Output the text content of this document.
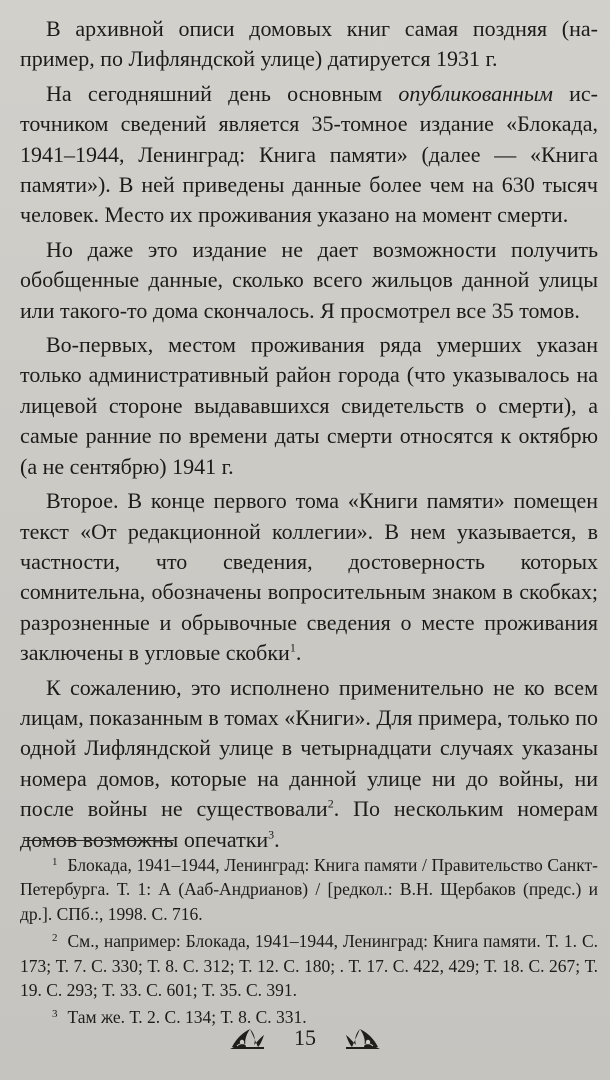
В архивной описи домовых книг самая поздняя (например, по Лифляндской улице) датируется 1931 г.

На сегодняшний день основным опубликованным источником сведений является 35-томное издание «Блокада, 1941–1944, Ленинград: Книга памяти» (далее — «Книга памяти»). В ней приведены данные более чем на 630 тысяч человек. Место их проживания указано на момент смерти.

Но даже это издание не дает возможности получить обобщенные данные, сколько всего жильцов данной улицы или такого-то дома скончалось. Я просмотрел все 35 томов.

Во-первых, местом проживания ряда умерших указан только административный район города (что указывалось на лицевой стороне выдававшихся свидетельств о смерти), а самые ранние по времени даты смерти относятся к октябрю (а не сентябрю) 1941 г.

Второе. В конце первого тома «Книги памяти» помещен текст «От редакционной коллегии». В нем указывается, в частности, что сведения, достоверность которых сомнительна, обозначены вопросительным знаком в скобках; разрозненные и обрывочные сведения о месте проживания заключены в угловые скобки$^1$.

К сожалению, это исполнено применительно не ко всем лицам, показанным в томах «Книги». Для примера, только по одной Лифляндской улице в четырнадцати случаях указаны номера домов, которые на данной улице ни до войны, ни после войны не существовали$^2$. По нескольким номерам домов возможны опечатки$^3$.

$^1$ Блокада, 1941–1944, Ленинград: Книга памяти / Правительство Санкт-Петербурга. Т. 1: А (Ааб-Андрианов) / [редкол.: В.Н. Щербаков (предс.) и др.]. СПб.:, 1998. С. 716.

$^2$ См., например: Блокада, 1941–1944, Ленинград: Книга памяти. Т. 1. С. 173; Т. 7. С. 330; Т. 8. С. 312; Т. 12. С. 180; . Т. 17. С. 422, 429; Т. 18. С. 267; Т. 19. С. 293; Т. 33. С. 601; Т. 35. С. 391.

$^3$ Там же. Т. 2. С. 134; Т. 8. С. 331.

15
